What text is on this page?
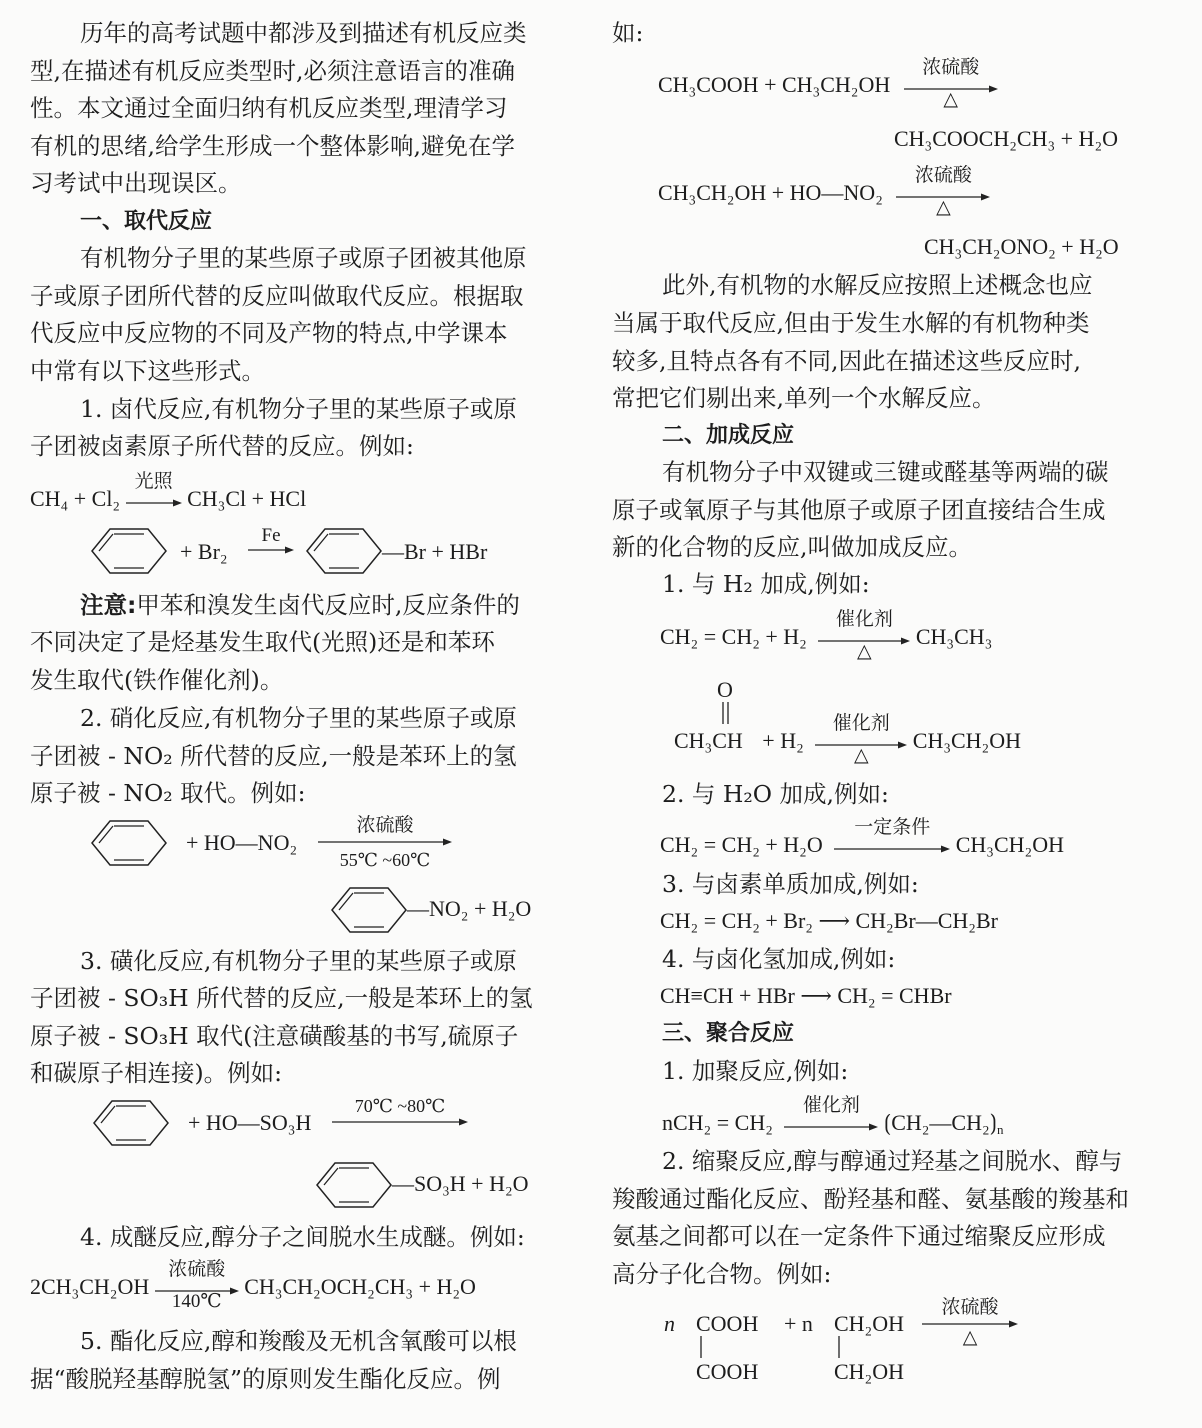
历年的高考试题中都涉及到描述有机反应类
型,在描述有机反应类型时,必须注意语言的准确
性。本文通过全面归纳有机反应类型,理清学习
有机的思绪,给学生形成一个整体影响,避免在学
习考试中出现误区。
一、取代反应
有机物分子里的某些原子或原子团被其他原
子或原子团所代替的反应叫做取代反应。根据取
代反应中反应物的不同及产物的特点,中学课本
中常有以下这些形式。
1. 卤代反应,有机物分子里的某些原子或原
子团被卤素原子所代替的反应。例如:
CH₄ + Cl₂
光照
CH₃Cl + HCl
+ Br₂
Fe
—Br + HBr
注意:甲苯和溴发生卤代反应时,反应条件的
不同决定了是烃基发生取代(光照)还是和苯环
发生取代(铁作催化剂)。
2. 硝化反应,有机物分子里的某些原子或原
子团被 - NO₂ 所代替的反应,一般是苯环上的氢
原子被 - NO₂ 取代。例如:
+ HO—NO₂
浓硫酸
55℃ ~60℃
—NO₂ + H₂O
3. 磺化反应,有机物分子里的某些原子或原
子团被 - SO₃H 所代替的反应,一般是苯环上的氢
原子被 - SO₃H 取代(注意磺酸基的书写,硫原子
和碳原子相连接)。例如:
+ HO—SO₃H
70℃ ~80℃
—SO₃H + H₂O
4. 成醚反应,醇分子之间脱水生成醚。例如:
2CH₃CH₂OH
浓硫酸
140℃
CH₃CH₂OCH₂CH₃ + H₂O
5. 酯化反应,醇和羧酸及无机含氧酸可以根
据“酸脱羟基醇脱氢”的原则发生酯化反应。例
如:
CH₃COOH + CH₃CH₂OH
浓硫酸
△
CH₃COOCH₂CH₃ + H₂O
CH₃CH₂OH + HO—NO₂
浓硫酸
△
CH₃CH₂ONO₂ + H₂O
此外,有机物的水解反应按照上述概念也应
当属于取代反应,但由于发生水解的有机物种类
较多,且特点各有不同,因此在描述这些反应时,
常把它们剔出来,单列一个水解反应。
二、加成反应
有机物分子中双键或三键或醛基等两端的碳
原子或氧原子与其他原子或原子团直接结合生成
新的化合物的反应,叫做加成反应。
1. 与 H₂ 加成,例如:
CH₂ = CH₂ + H₂
催化剂
△
CH₃CH₃
O
CH₃CH + H₂
催化剂
△
CH₃CH₂OH
2. 与 H₂O 加成,例如:
CH₂ = CH₂ + H₂O
一定条件
CH₃CH₂OH
3. 与卤素单质加成,例如:
CH₂ = CH₂ + Br₂ ⟶ CH₂Br—CH₂Br
4. 与卤化氢加成,例如:
CH≡CH + HBr ⟶ CH₂ = CHBr
三、聚合反应
1. 加聚反应,例如:
nCH₂ = CH₂
催化剂
$⟮CH_2—CH_2⟯_n$
2. 缩聚反应,醇与醇通过羟基之间脱水、醇与
羧酸通过酯化反应、酚羟基和醛、氨基酸的羧基和
氨基之间都可以在一定条件下通过缩聚反应形成
高分子化合物。例如:
n COOH
COOH
+ n CH₂OH
CH₂OH
浓硫酸
△
